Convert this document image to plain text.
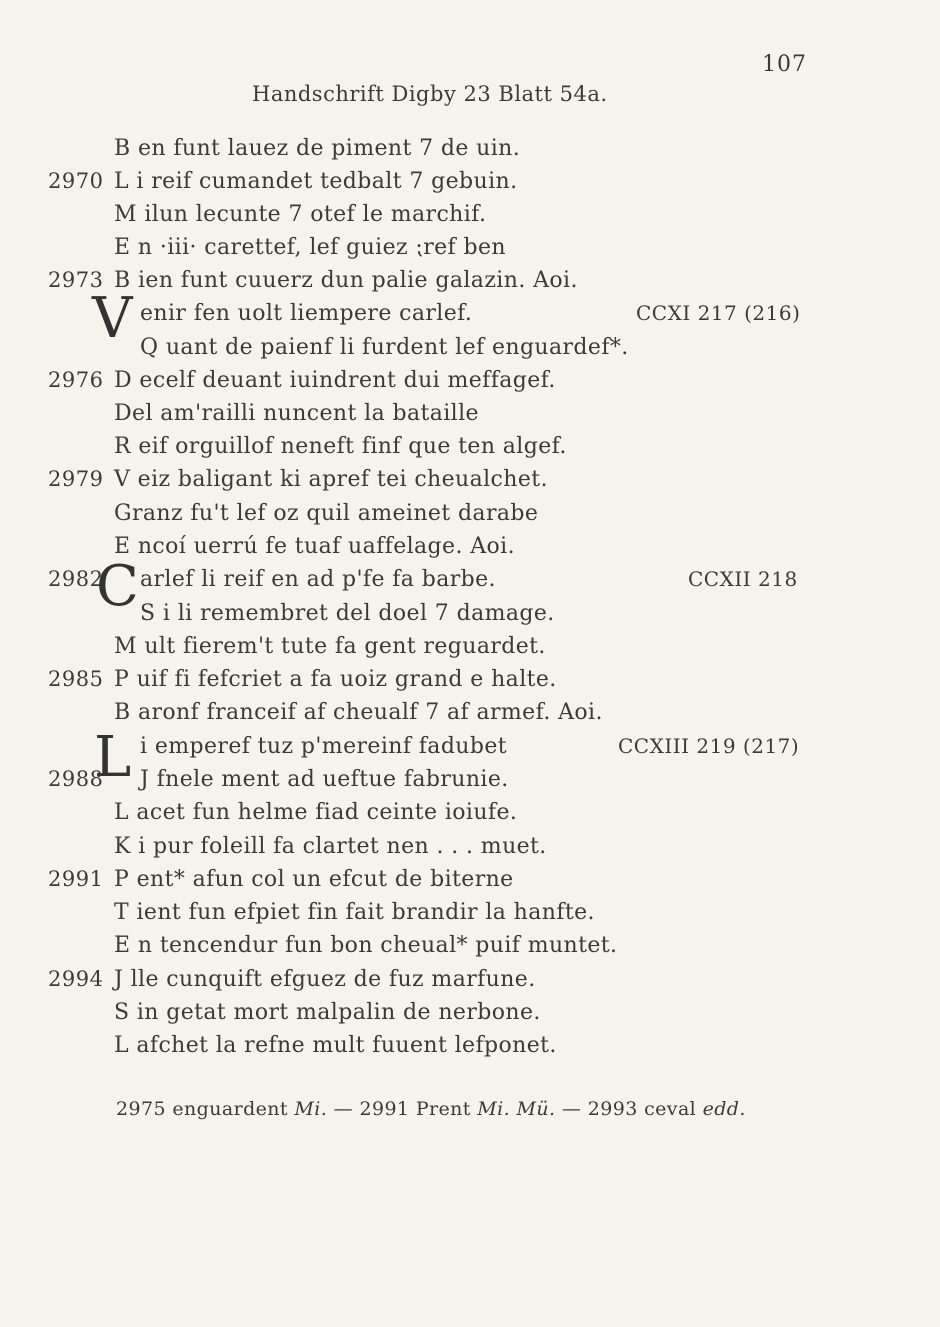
107
Handschrift Digby 23 Blatt 54a.
B en funt lauez de piment 7 de uin.
2970 L i reif cumandet tedbalt 7 gebuin.
M ilun lecunte 7 otef le marchif.
E n ·iii· carettef, lef guiez ⁏ref ben
2973 B ien funt cuuerz dun palie galazin. Aoi.
V enir fen uolt liempere carlef.	CCXI 217 (216)
Q uant de paienf li furdent lef enguardef*.
2976 D ecelf deuant iuindrent dui meffagef.
Del am'railli nuncent la bataille
R eif orguillof neneft finf que ten algef.
2979 V eiz baligant ki apref tei cheualchet.
Granz fu't lef oz quil ameinet darabe
E ncoí uerrú fe tuaf uaffelage. Aoi.
2982
C arlef li reif en ad p'fe fa barbe.	CCXII 218
S i li remembret del doel 7 damage.
M ult fierem't tute fa gent reguardet.
2985 P uif fi fefcriet a fa uoiz grand e halte.
B aronf franceif af cheualf 7 af armef. Aoi.
L i emperef tuz p'mereinf fadubet	CCXIII 219 (217)
2988 J fnele ment ad ueftue fabrunie.
L acet fun helme fiad ceinte ioiufe.
K i pur foleill fa clartet nen . . . muet.
2991 P ent* afun col un efcut de biterne
T ient fun efpiet fin fait brandir la hanfte.
E n tencendur fun bon cheual* puif muntet.
2994 J lle cunquift efguez de fuz marfune.
S in getat mort malpalin de nerbone.
L afchet la refne mult fuuent lefponet.
2975 enguardent Mi. — 2991 Prent Mi. Mü. — 2993 ceval edd.
